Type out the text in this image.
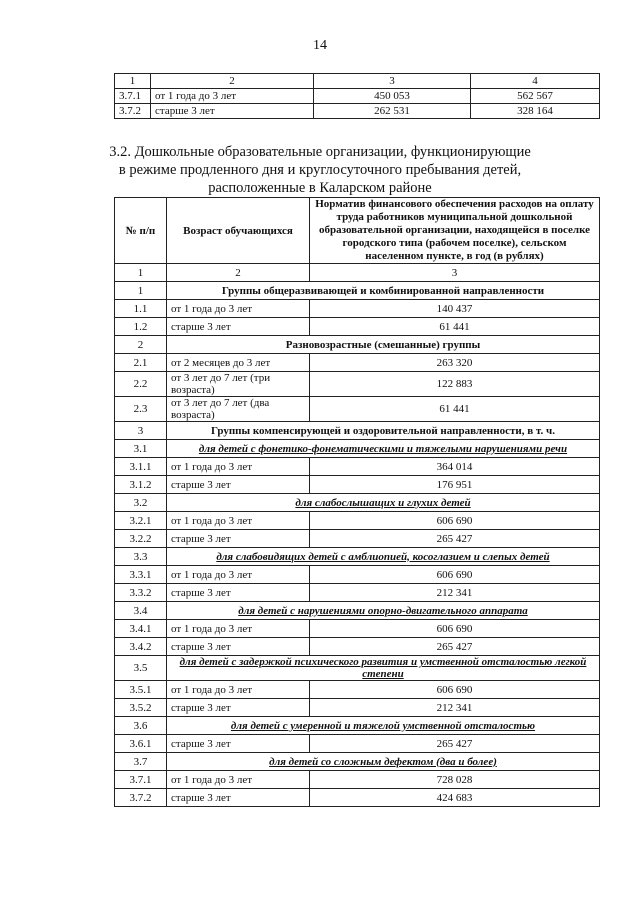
14
1	2	3	4
3.7.1	от 1 года до 3 лет	450 053	562 567
3.7.2	старше 3 лет	262 531	328 164
3.2. Дошкольные образовательные организации, функционирующие
в режиме продленного дня и круглосуточного пребывания детей,
расположенные в Каларском районе
№ п/п	Возраст обучающихся	Норматив финансового обеспечения расходов на оплату труда работников муниципальной дошкольной образовательной организации, находящейся в поселке городского типа (рабочем поселке), сельском населенном пункте, в год (в рублях)
1	2	3
1	Группы общеразвивающей и комбинированной направленности	
1.1	от 1 года до 3 лет	140 437
1.2	старше 3 лет	61 441
2	Разновозрастные (смешанные) группы	
2.1	от 2 месяцев до 3 лет	263 320
2.2	от 3 лет до 7 лет (три возраста)	122 883
2.3	от 3 лет до 7 лет (два возраста)	61 441
3	Группы компенсирующей и оздоровительной направленности, в т. ч.	
3.1	для детей с фонетико-фонематическими и тяжелыми нарушениями речи	
3.1.1	от 1 года до 3 лет	364 014
3.1.2	старше 3 лет	176 951
3.2	для слабослышащих и глухих детей	
3.2.1	от 1 года до 3 лет	606 690
3.2.2	старше 3 лет	265 427
3.3	для слабовидящих детей с амблиопией, косоглазием и слепых детей	
3.3.1	от 1 года до 3 лет	606 690
3.3.2	старше 3 лет	212 341
3.4	для детей с нарушениями опорно-двигательного аппарата	
3.4.1	от 1 года до 3 лет	606 690
3.4.2	старше 3 лет	265 427
3.5	для детей с задержкой психического развития и умственной отсталостью легкой степени	
3.5.1	от 1 года до 3 лет	606 690
3.5.2	старше 3 лет	212 341
3.6	для детей с умеренной и тяжелой умственной отсталостью	
3.6.1	старше 3 лет	265 427
3.7	для детей со сложным дефектом (два и более)	
3.7.1	от 1 года до 3 лет	728 028
3.7.2	старше 3 лет	424 683
